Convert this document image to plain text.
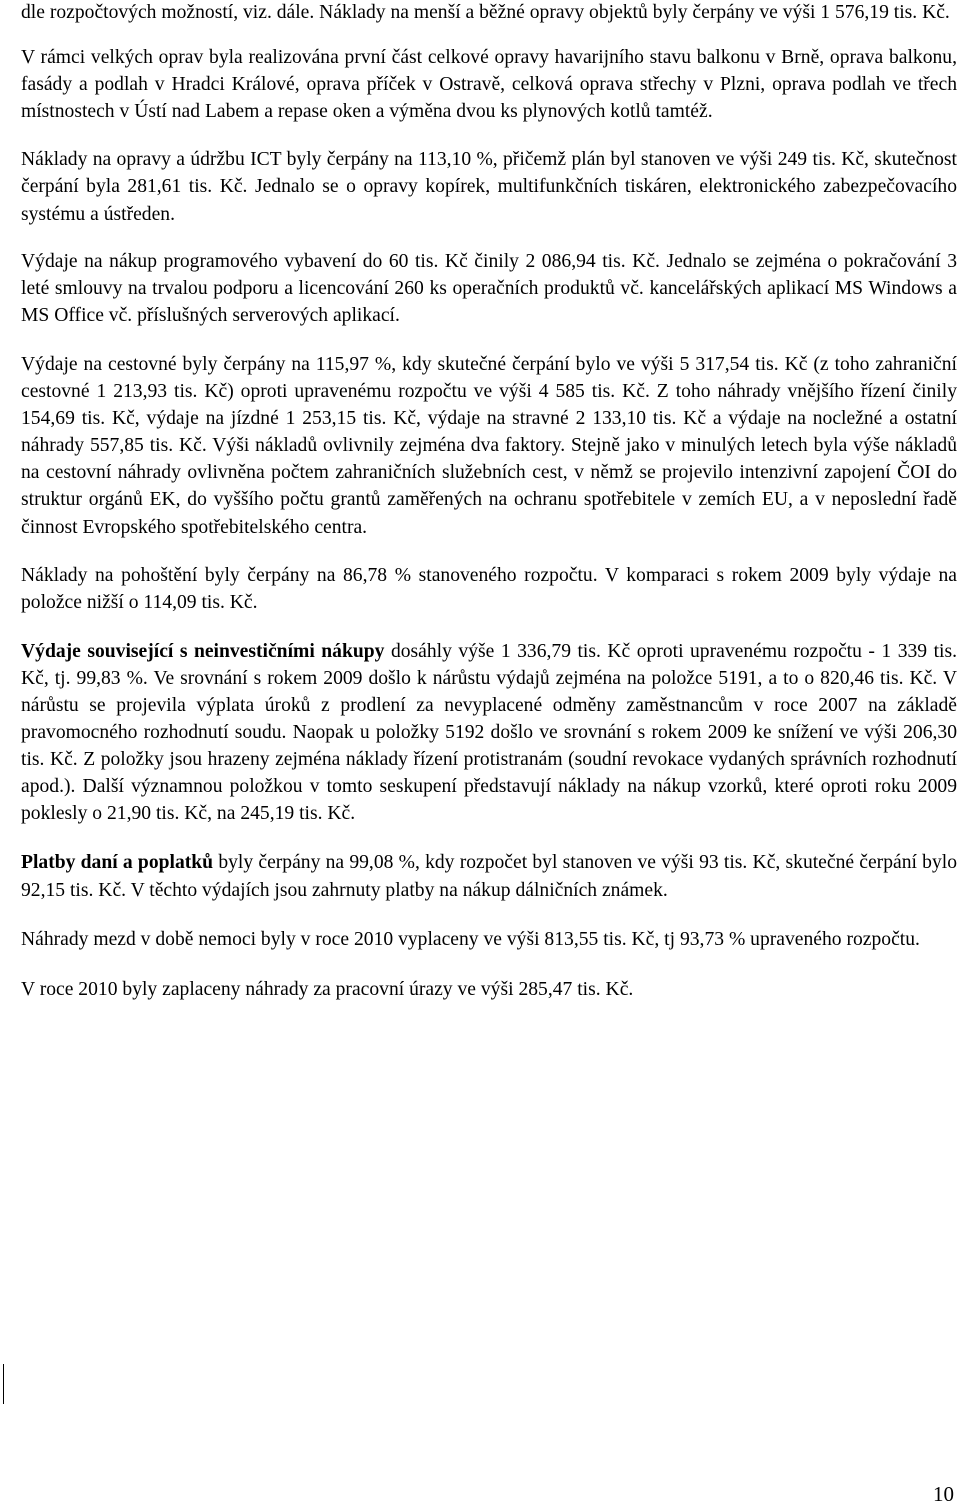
dle rozpočtových možností, viz. dále. Náklady na menší a běžné opravy objektů byly čerpány ve výši 1 576,19 tis. Kč.

V rámci velkých oprav byla realizována první část celkové opravy havarijního stavu balkonu v Brně, oprava balkonu, fasády a podlah v Hradci Králové, oprava příček v Ostravě, celková oprava střechy v Plzni, oprava podlah ve třech místnostech v Ústí nad Labem a repase oken a výměna dvou ks plynových kotlů tamtéž.

Náklady na opravy a údržbu ICT byly čerpány na 113,10 %, přičemž plán byl stanoven ve výši 249 tis. Kč, skutečnost čerpání byla 281,61 tis. Kč. Jednalo se o opravy kopírek, multifunkčních tiskáren, elektronického zabezpečovacího systému a ústředen.

Výdaje na nákup programového vybavení do 60 tis. Kč činily 2 086,94 tis. Kč. Jednalo se zejména o pokračování 3 leté smlouvy na trvalou podporu a licencování 260 ks operačních produktů vč. kancelářských aplikací MS Windows a MS Office vč. příslušných serverových aplikací.

Výdaje na cestovné byly čerpány na 115,97 %, kdy skutečné čerpání bylo ve výši 5 317,54 tis. Kč (z toho zahraniční cestovné 1 213,93 tis. Kč) oproti upravenému rozpočtu ve výši 4 585 tis. Kč. Z toho náhrady vnějšího řízení činily 154,69 tis. Kč, výdaje na jízdné 1 253,15 tis. Kč, výdaje na stravné 2 133,10 tis. Kč a výdaje na nocležné a ostatní náhrady 557,85 tis. Kč. Výši nákladů ovlivnily zejména dva faktory. Stejně jako v minulých letech byla výše nákladů na cestovní náhrady ovlivněna počtem zahraničních služebních cest, v němž se projevilo intenzivní zapojení ČOI do struktur orgánů EK, do vyššího počtu grantů zaměřených na ochranu spotřebitele v zemích EU, a v neposlední řadě činnost Evropského spotřebitelského centra.

Náklady na pohoštění byly čerpány na 86,78 % stanoveného rozpočtu. V komparaci s rokem 2009 byly výdaje na položce nižší o 114,09 tis. Kč.

Výdaje související s neinvestičními nákupy dosáhly výše 1 336,79 tis. Kč oproti upravenému rozpočtu - 1 339 tis. Kč, tj. 99,83 %. Ve srovnání s rokem 2009 došlo k nárůstu výdajů zejména na položce 5191, a to o 820,46 tis. Kč. V nárůstu se projevila výplata úroků z prodlení za nevyplacené odměny zaměstnancům v roce 2007 na základě pravomocného rozhodnutí soudu. Naopak u položky 5192 došlo ve srovnání s rokem 2009 ke snížení ve výši 206,30 tis. Kč. Z položky jsou hrazeny zejména náklady řízení protistranám (soudní revokace vydaných správních rozhodnutí apod.). Další významnou položkou v tomto seskupení představují náklady na nákup vzorků, které oproti roku 2009 poklesly o 21,90 tis. Kč, na 245,19 tis. Kč.

Platby daní a poplatků byly čerpány na 99,08 %, kdy rozpočet byl stanoven ve výši 93 tis. Kč, skutečné čerpání bylo 92,15 tis. Kč. V těchto výdajích jsou zahrnuty platby na nákup dálničních známek.

Náhrady mezd v době nemoci byly v roce 2010 vyplaceny ve výši 813,55 tis. Kč, tj 93,73 % upraveného rozpočtu.

V roce 2010 byly zaplaceny náhrady za pracovní úrazy ve výši 285,47 tis. Kč.

10
